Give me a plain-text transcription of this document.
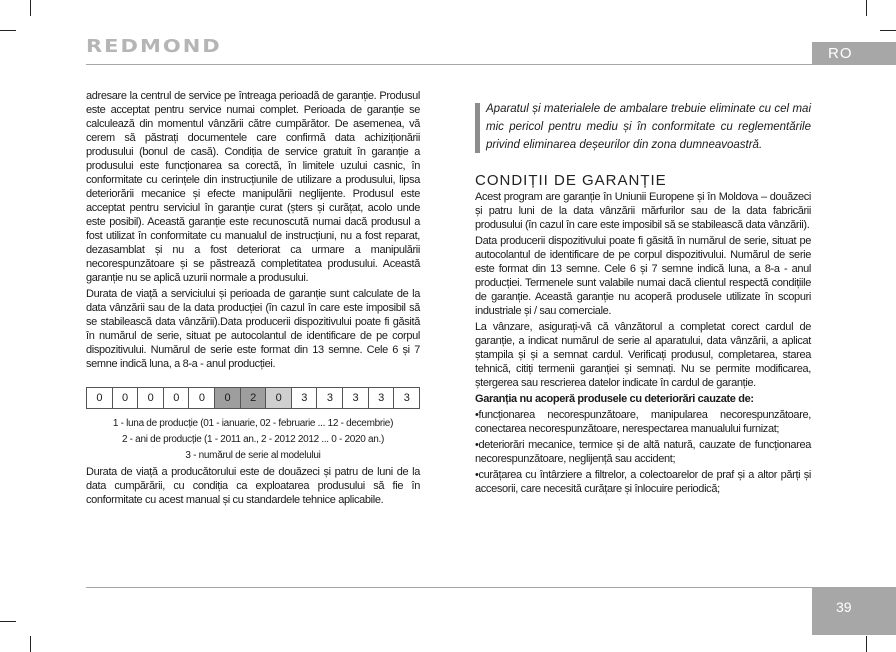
REDMOND	RO

adresare la centrul de service pe întreaga perioadă de garanție. Produsul este acceptat pentru service numai complet. Perioada de garanție se calculează din momentul vânzării către cumpărător. De asemenea, vă cerem să păstrați documentele care confirmă data achiziționării produsului (bonul de casă). Condiția de service gratuit în garanție a produsului este funcționarea sa corectă, în limitele uzului casnic, în conformitate cu cerințele din instrucțiunile de utilizare a produsului, lipsa deteriorării mecanice și efecte manipulării neglijente. Produsul este acceptat pentru serviciul în garanție curat (șters și curățat, acolo unde este posibil). Această garanție este recunoscută numai dacă produsul a fost utilizat în conformitate cu manualul de instrucțiuni, nu a fost reparat, dezasamblat și nu a fost deteriorat ca urmare a manipulării necorespunzătoare și se păstrează completitatea produsului. Această garanție nu se aplică uzurii normale a produsului.

Durata de viață a serviciului și perioada de garanție sunt calculate de la data vânzării sau de la data producției (în cazul în care este imposibil să se stabilească data vânzării).Data producerii dispozitivului poate fi găsită în numărul de serie, situat pe autocolantul de identificare de pe corpul dispozitivului. Numărul de serie este format din 13 semne. Cele 6 și 7 semne indică luna, a 8-a - anul producției.

0	0	0	0	0	0	2	0	3	3	3	3	3
1 - luna de producție (01 - ianuarie, 02 - februarie ... 12 - decembrie)
2 - ani de producție (1 - 2011 an., 2 - 2012 2012 ... 0 - 2020 an.)
3 - numărul de serie al modelului

Durata de viață a producătorului este de douăzeci și patru de luni de la data cumpărării, cu condiția ca exploatarea produsului să fie în conformitate cu acest manual și cu standardele tehnice aplicabile.

Aparatul și materialele de ambalare trebuie eliminate cu cel mai mic pericol pentru mediu și în conformitate cu reglementările privind eliminarea deșeurilor din zona dumneavoastră.
CONDIȚII DE GARANȚIE

Acest program are garanție în Uniunii Europene și în Moldova – douăzeci și patru luni de la data vânzării mărfurilor sau de la data fabricării produsului (în cazul în care este imposibil să se stabilească data vânzării).

Data producerii dispozitivului poate fi găsită în numărul de serie, situat pe autocolantul de identificare de pe corpul dispozitivului. Numărul de serie este format din 13 semne. Cele 6 și 7 semne indică luna, a 8-a - anul producției. Termenele sunt valabile numai dacă clientul respectă condițiile de garanție. Această garanție nu acoperă produsele utilizate în scopuri industriale și / sau comerciale.

La vânzare, asigurați-vă că vânzătorul a completat corect cardul de garanție, a indicat numărul de serie al aparatului, data vânzării, a aplicat ștampila și și a semnat cardul. Verificați produsul, completarea, starea tehnică, citiți termenii garanției și semnați. Nu se permite modificarea, ștergerea sau rescrierea datelor indicate în cardul de garanție.

Garanția nu acoperă produsele cu deteriorări cauzate de:

•funcționarea necorespunzătoare, manipularea necorespunzătoare, conectarea necorespunzătoare, nerespectarea manualului furnizat;

•deteriorări mecanice, termice și de altă natură, cauzate de funcționarea necorespunzătoare, neglijență sau accident;

•curățarea cu întârziere a filtrelor, a colectoarelor de praf și a altor părți și accesorii, care necesită curățare și înlocuire periodică;

39
